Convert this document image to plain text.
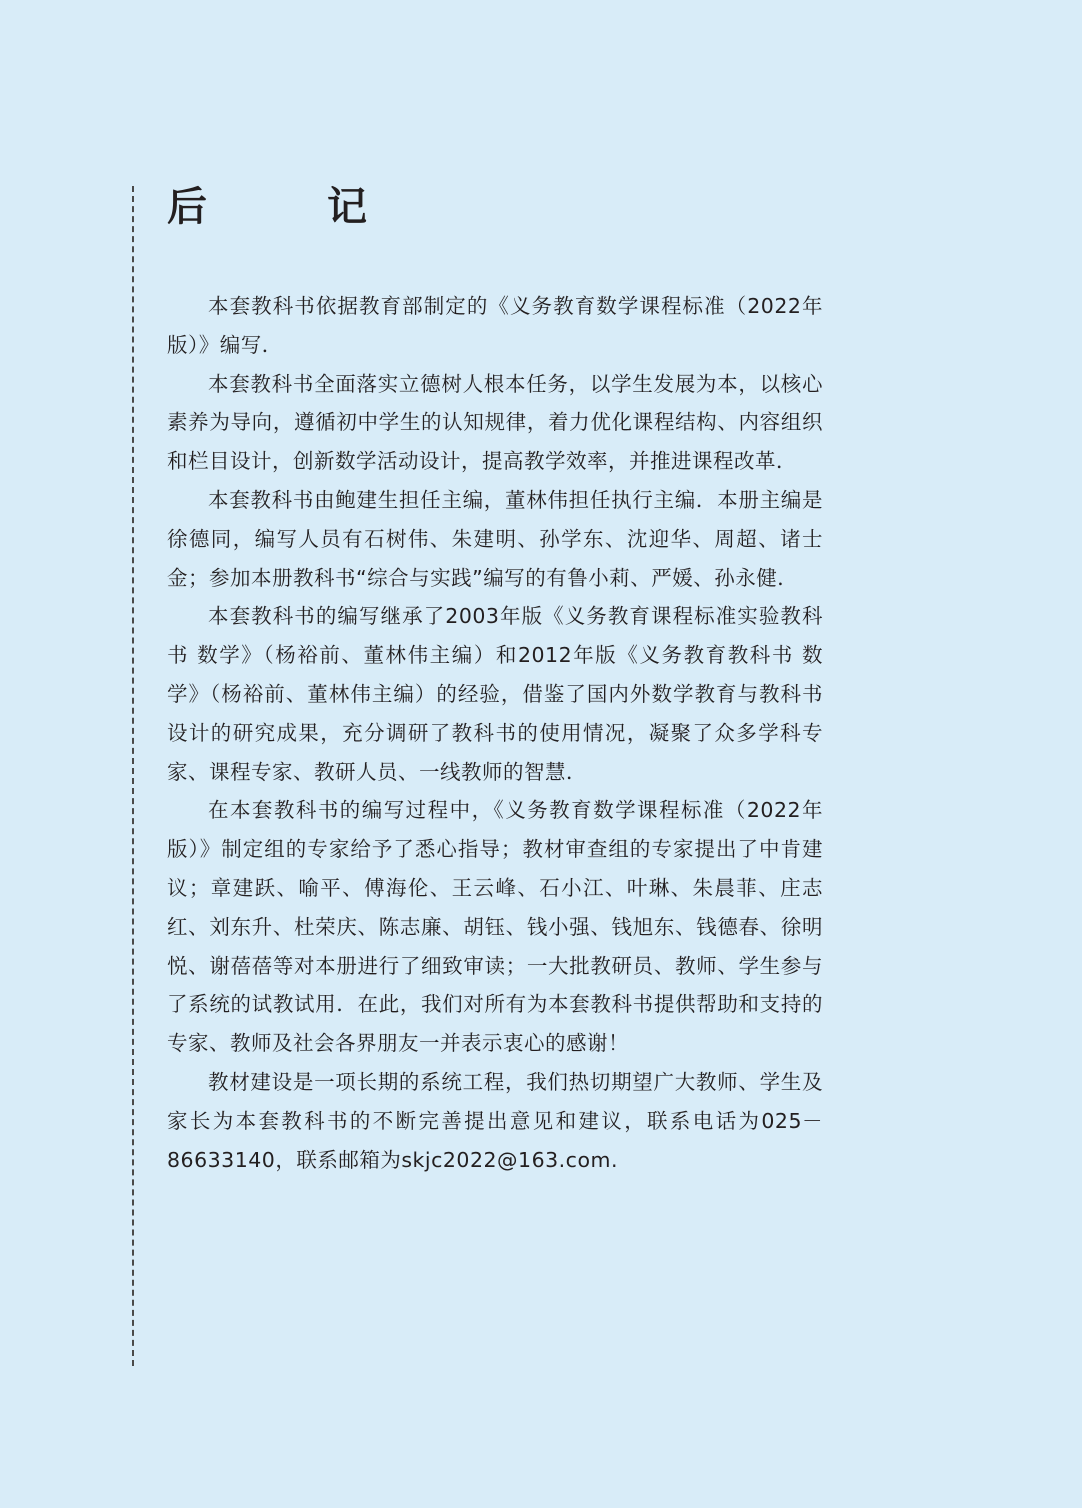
后　记

本套教科书依据教育部制定的《义务教育数学课程标准（2022年版）》编写．

本套教科书全面落实立德树人根本任务，以学生发展为本，以核心素养为导向，遵循初中学生的认知规律，着力优化课程结构、内容组织和栏目设计，创新数学活动设计，提高教学效率，并推进课程改革．

本套教科书由鲍建生担任主编，董林伟担任执行主编．本册主编是徐德同，编写人员有石树伟、朱建明、孙学东、沈迎华、周超、诸士金；参加本册教科书“综合与实践”编写的有鲁小莉、严媛、孙永健．

本套教科书的编写继承了2003年版《义务教育课程标准实验教科书 数学》（杨裕前、董林伟主编）和2012年版《义务教育教科书 数学》（杨裕前、董林伟主编）的经验，借鉴了国内外数学教育与教科书设计的研究成果，充分调研了教科书的使用情况，凝聚了众多学科专家、课程专家、教研人员、一线教师的智慧．

在本套教科书的编写过程中，《义务教育数学课程标准（2022年版）》制定组的专家给予了悉心指导；教材审查组的专家提出了中肯建议；章建跃、喻平、傅海伦、王云峰、石小江、叶琳、朱晨菲、庄志红、刘东升、杜荣庆、陈志廉、胡钰、钱小强、钱旭东、钱德春、徐明悦、谢蓓蓓等对本册进行了细致审读；一大批教研员、教师、学生参与了系统的试教试用．在此，我们对所有为本套教科书提供帮助和支持的专家、教师及社会各界朋友一并表示衷心的感谢！

教材建设是一项长期的系统工程，我们热切期望广大教师、学生及家长为本套教科书的不断完善提出意见和建议，联系电话为025－86633140，联系邮箱为skjc2022@163.com.
